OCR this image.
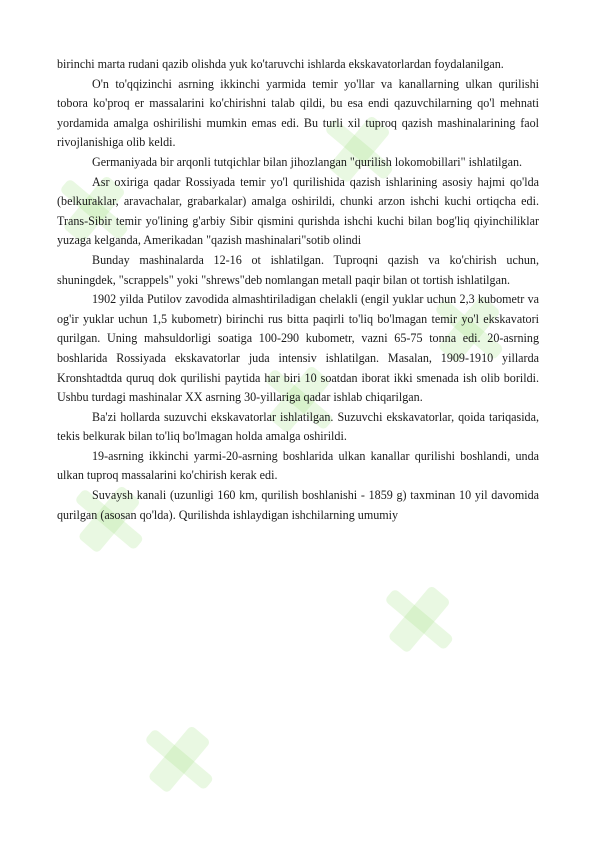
birinchi marta rudani qazib olishda yuk ko'taruvchi ishlarda ekskavatorlardan foydalanilgan.

O'n to'qqizinchi asrning ikkinchi yarmida temir yo'llar va kanallarning ulkan qurilishi tobora ko'proq er massalarini ko'chirishni talab qildi, bu esa endi qazuvchilarning qo'l mehnati yordamida amalga oshirilishi mumkin emas edi. Bu turli xil tuproq qazish mashinalarining faol rivojlanishiga olib keldi.

Germaniyada bir arqonli tutqichlar bilan jihozlangan "qurilish lokomobillari" ishlatilgan.

Asr oxiriga qadar Rossiyada temir yo'l qurilishida qazish ishlarining asosiy hajmi qo'lda (belkuraklar, aravachalar, grabarkalar) amalga oshirildi, chunki arzon ishchi kuchi ortiqcha edi. Trans-Sibir temir yo'lining g'arbiy Sibir qismini qurishda ishchi kuchi bilan bog'liq qiyinchiliklar yuzaga kelganda, Amerikadan "qazish mashinalari"sotib olindi

Bunday mashinalarda 12-16 ot ishlatilgan. Tuproqni qazish va ko'chirish uchun, shuningdek, "scrappels" yoki "shrews"deb nomlangan metall paqir bilan ot tortish ishlatilgan.

1902 yilda Putilov zavodida almashtiriladigan chelakli (engil yuklar uchun 2,3 kubometr va og'ir yuklar uchun 1,5 kubometr) birinchi rus bitta paqirli to'liq bo'lmagan temir yo'l ekskavatori qurilgan. Uning mahsuldorligi soatiga 100-290 kubometr, vazni 65-75 tonna edi. 20-asrning boshlarida Rossiyada ekskavatorlar juda intensiv ishlatilgan. Masalan, 1909-1910 yillarda Kronshtadtda quruq dok qurilishi paytida har biri 10 soatdan iborat ikki smenada ish olib borildi. Ushbu turdagi mashinalar XX asrning 30-yillariga qadar ishlab chiqarilgan.

Ba'zi hollarda suzuvchi ekskavatorlar ishlatilgan. Suzuvchi ekskavatorlar, qoida tariqasida, tekis belkurak bilan to'liq bo'lmagan holda amalga oshirildi.

19-asrning ikkinchi yarmi-20-asrning boshlarida ulkan kanallar qurilishi boshlandi, unda ulkan tuproq massalarini ko'chirish kerak edi.

Suvaysh kanali (uzunligi 160 km, qurilish boshlanishi - 1859 g) taxminan 10 yil davomida qurilgan (asosan qo'lda). Qurilishda ishlaydigan ishchilarning umumiy
